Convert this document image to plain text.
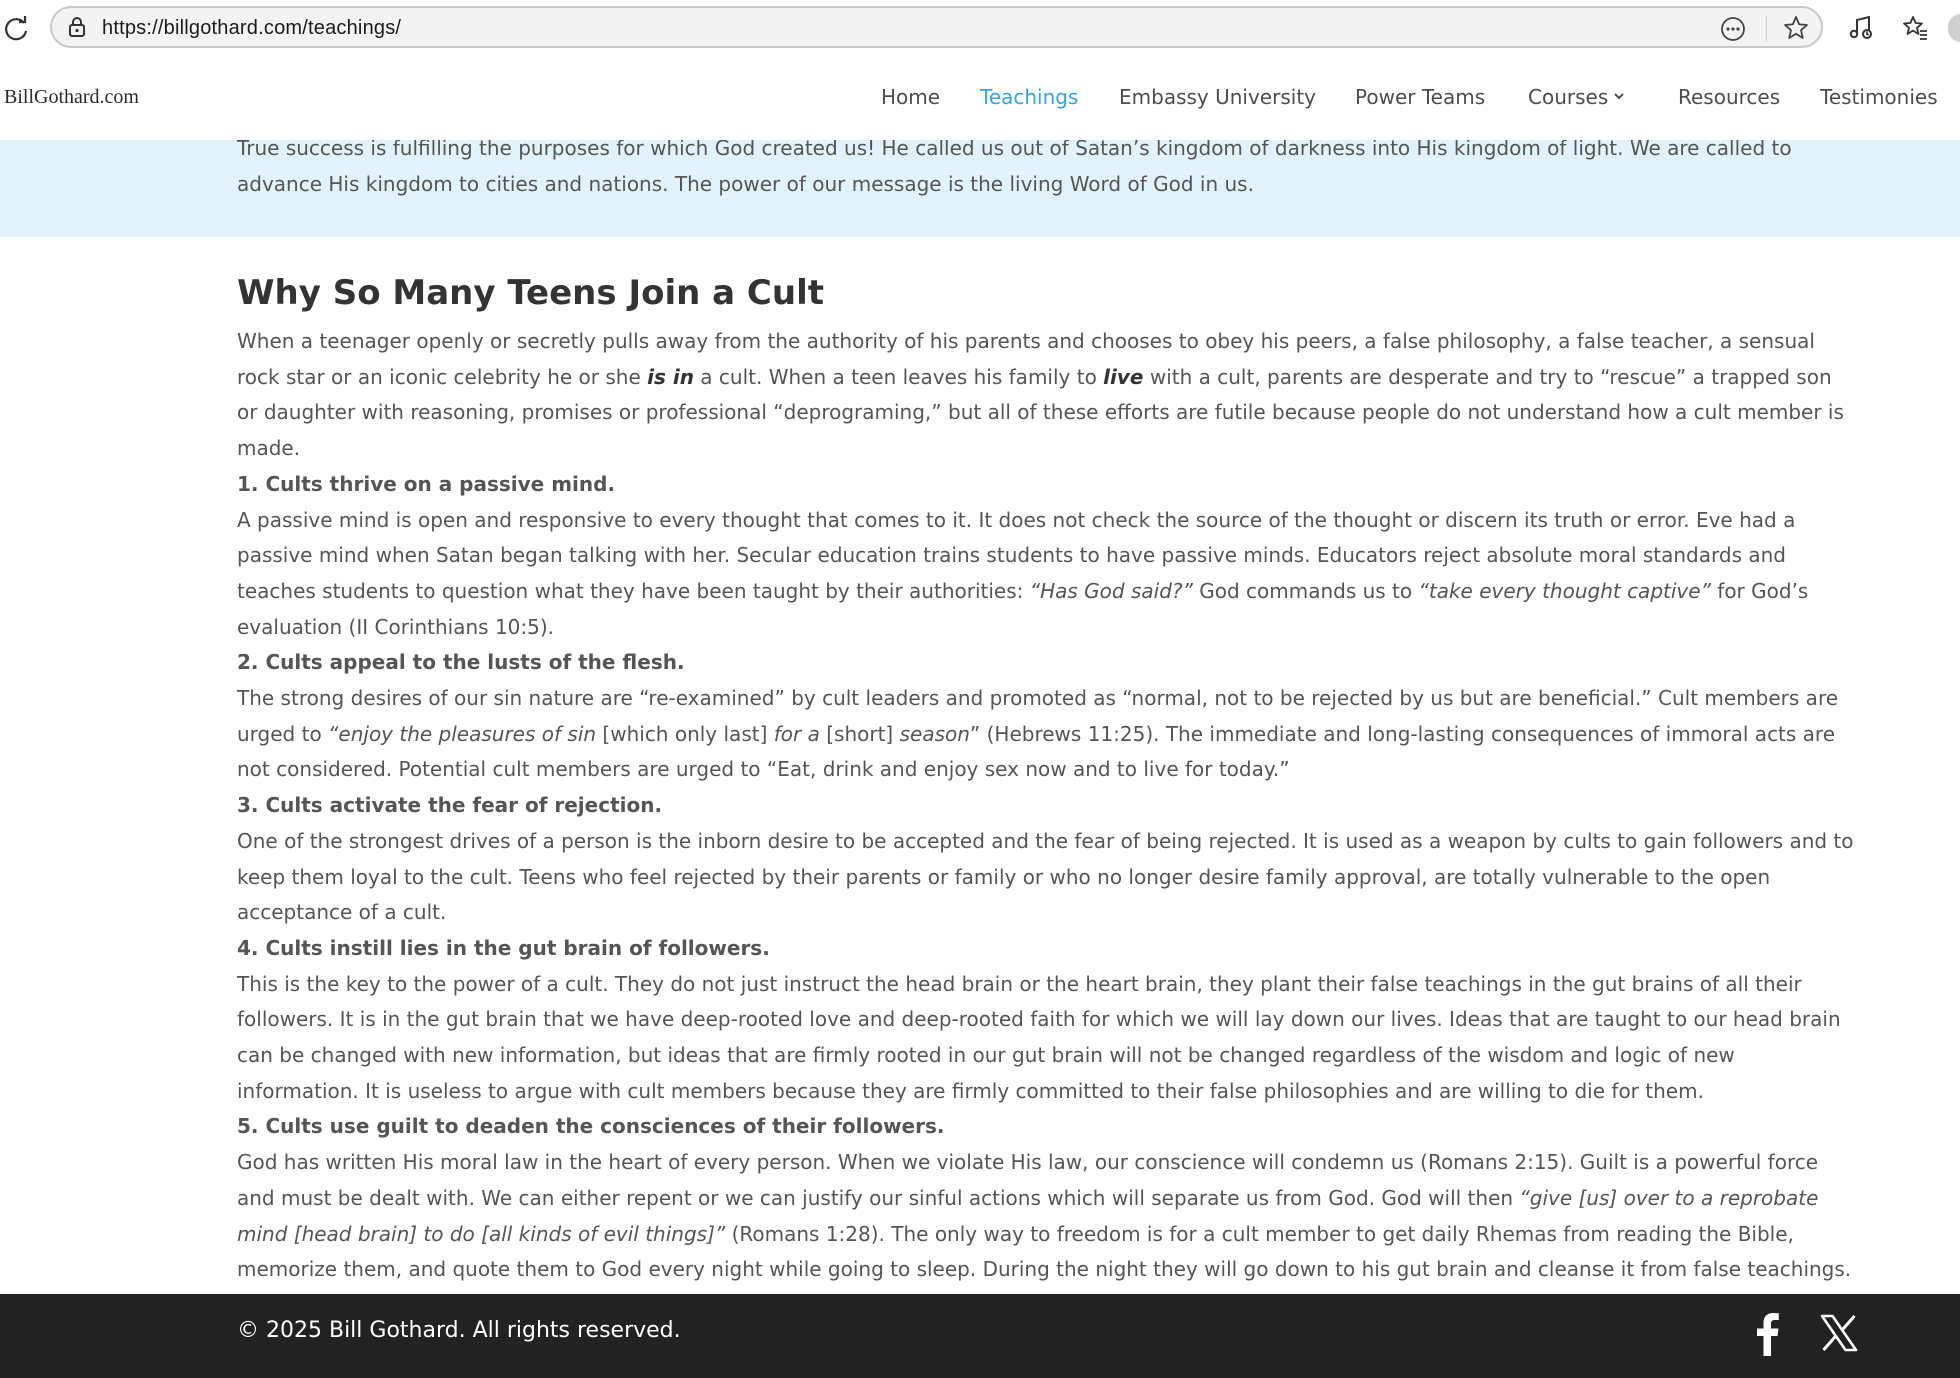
https://billgothard.com/teachings/
BillGothard.com	Home Teachings Embassy University Power Teams Courses	Resources Testimonies
True success is fulfilling the purposes for which God created us! He called us out of Satan’s kingdom of darkness into His kingdom of light. We are called to advance His kingdom to cities and nations. The power of our message is the living Word of God in us.
Why So Many Teens Join a Cult

When a teenager openly or secretly pulls away from the authority of his parents and chooses to obey his peers, a false philosophy, a false teacher, a sensual rock star or an iconic celebrity he or she is in a cult. When a teen leaves his family to live with a cult, parents are desperate and try to “rescue” a trapped son or daughter with reasoning, promises or professional “deprograming,” but all of these efforts are futile because people do not understand how a cult member is made.

1. Cults thrive on a passive mind.

A passive mind is open and responsive to every thought that comes to it. It does not check the source of the thought or discern its truth or error. Eve had a passive mind when Satan began talking with her. Secular education trains students to have passive minds. Educators reject absolute moral standards and teaches students to question what they have been taught by their authorities: “Has God said?” God commands us to “take every thought captive” for God’s evaluation (II Corinthians 10:5).

2. Cults appeal to the lusts of the flesh.

The strong desires of our sin nature are “re-examined” by cult leaders and promoted as “normal, not to be rejected by us but are beneficial.” Cult members are urged to “enjoy the pleasures of sin [which only last] for a [short] season” (Hebrews 11:25). The immediate and long-lasting consequences of immoral acts are not considered. Potential cult members are urged to “Eat, drink and enjoy sex now and to live for today.”

3. Cults activate the fear of rejection.

One of the strongest drives of a person is the inborn desire to be accepted and the fear of being rejected. It is used as a weapon by cults to gain followers and to keep them loyal to the cult. Teens who feel rejected by their parents or family or who no longer desire family approval, are totally vulnerable to the open acceptance of a cult.

4. Cults instill lies in the gut brain of followers.

This is the key to the power of a cult. They do not just instruct the head brain or the heart brain, they plant their false teachings in the gut brains of all their followers. It is in the gut brain that we have deep-rooted love and deep-rooted faith for which we will lay down our lives. Ideas that are taught to our head brain can be changed with new information, but ideas that are firmly rooted in our gut brain will not be changed regardless of the wisdom and logic of new information. It is useless to argue with cult members because they are firmly committed to their false philosophies and are willing to die for them.

5. Cults use guilt to deaden the consciences of their followers.

God has written His moral law in the heart of every person. When we violate His law, our conscience will condemn us (Romans 2:15). Guilt is a powerful force and must be dealt with. We can either repent or we can justify our sinful actions which will separate us from God. God will then “give [us] over to a reprobate mind [head brain] to do [all kinds of evil things]” (Romans 1:28). The only way to freedom is for a cult member to get daily Rhemas from reading the Bible, memorize them, and quote them to God every night while going to sleep. During the night they will go down to his gut brain and cleanse it from false teachings.

© 2025 Bill Gothard. All rights reserved.
